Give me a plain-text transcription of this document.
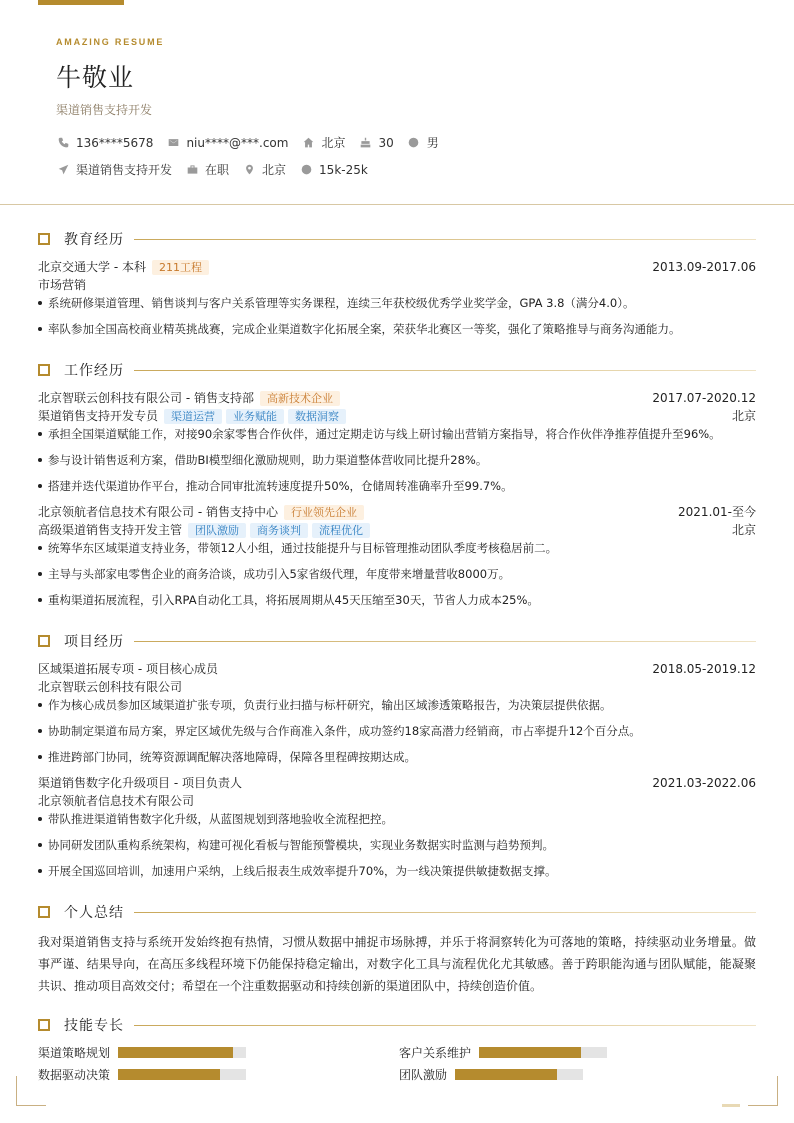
AMAZING RESUME
牛敬业
渠道销售支持开发
136****5678	niu****@***.com	北京	30	男
渠道销售支持开发	在职	北京	15k-25k
教育经历
北京交通大学 - 本科	211工程	2013.09-2017.06
市场营销
系统研修渠道管理、销售谈判与客户关系管理等实务课程，连续三年获校级优秀学业奖学金，GPA 3.8（满分4.0）。
率队参加全国高校商业精英挑战赛，完成企业渠道数字化拓展全案，荣获华北赛区一等奖，强化了策略推导与商务沟通能力。
工作经历
北京智联云创科技有限公司 - 销售支持部	高新技术企业	2017.07-2020.12
渠道销售支持开发专员	渠道运营	业务赋能	数据洞察	北京
承担全国渠道赋能工作，对接90余家零售合作伙伴，通过定期走访与线上研讨输出营销方案指导，将合作伙伴净推荐值提升至96%。
参与设计销售返利方案，借助BI模型细化激励规则，助力渠道整体营收同比提升28%。
搭建并迭代渠道协作平台，推动合同审批流转速度提升50%，仓储周转准确率升至99.7%。
北京领航者信息技术有限公司 - 销售支持中心	行业领先企业	2021.01-至今
高级渠道销售支持开发主管	团队激励	商务谈判	流程优化	北京
统筹华东区域渠道支持业务，带领12人小组，通过技能提升与目标管理推动团队季度考核稳居前二。
主导与头部家电零售企业的商务洽谈，成功引入5家省级代理，年度带来增量营收8000万。
重构渠道拓展流程，引入RPA自动化工具，将拓展周期从45天压缩至30天，节省人力成本25%。
项目经历
区域渠道拓展专项 - 项目核心成员	2018.05-2019.12
北京智联云创科技有限公司
作为核心成员参加区域渠道扩张专项，负责行业扫描与标杆研究，输出区域渗透策略报告，为决策层提供依据。
协助制定渠道布局方案，界定区域优先级与合作商准入条件，成功签约18家高潜力经销商，市占率提升12个百分点。
推进跨部门协同，统筹资源调配解决落地障碍，保障各里程碑按期达成。
渠道销售数字化升级项目 - 项目负责人	2021.03-2022.06
北京领航者信息技术有限公司
带队推进渠道销售数字化升级，从蓝图规划到落地验收全流程把控。
协同研发团队重构系统架构，构建可视化看板与智能预警模块，实现业务数据实时监测与趋势预判。
开展全国巡回培训，加速用户采纳，上线后报表生成效率提升70%，为一线决策提供敏捷数据支撑。
个人总结
我对渠道销售支持与系统开发始终抱有热情，习惯从数据中捕捉市场脉搏，并乐于将洞察转化为可落地的策略，持续驱动业务增量。做事严谨、结果导向，在高压多线程环境下仍能保持稳定输出，对数字化工具与流程优化尤其敏感。善于跨职能沟通与团队赋能，能凝聚共识、推动项目高效交付；希望在一个注重数据驱动和持续创新的渠道团队中，持续创造价值。
技能专长
渠道策略规划	客户关系维护
数据驱动决策	团队激励
